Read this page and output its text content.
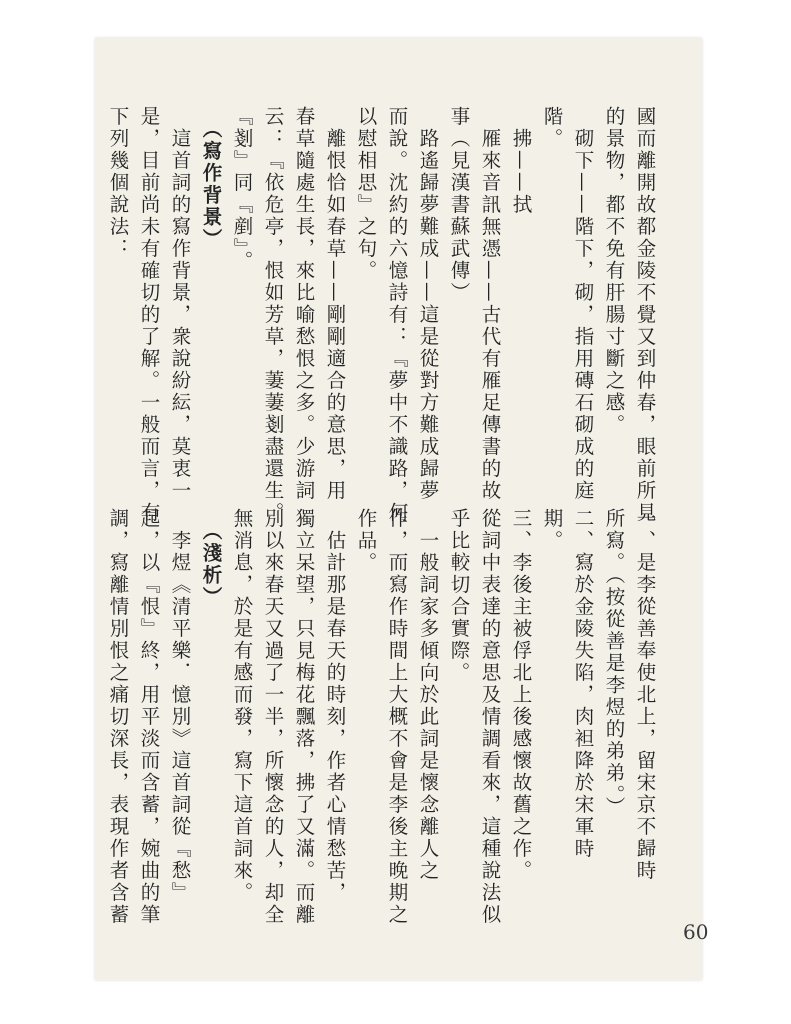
國而離開故都金陵不覺又到仲春，眼前所見
的景物，都不免有肝腸寸斷之感。
　砌下——階下，砌，指用磚石砌成的庭
階。
　拂——拭
　雁來音訊無憑——古代有雁足傳書的故
事（見漢書蘇武傳）
　路遙歸夢難成——這是從對方難成歸夢
而說。沈約的六憶詩有：『夢中不識路，何
以慰相思』之句。
　離恨恰如春草——剛剛適合的意思，用
春草隨處生長，來比喻愁恨之多。少游詞
云：『依危亭，恨如芳草，萋萋剗盡還生。
『剗』同『剷』。
　（寫作背景）
　這首詞的寫作背景，衆說紛紜，莫衷一
是，目前尚未有確切的了解。一般而言，有
下列幾個說法：
一、是李從善奉使北上，留宋京不歸時
所寫。（按從善是李煜的弟弟。）
二、寫於金陵失陷，肉袒降於宋軍時
期。
三、李後主被俘北上後感懷故舊之作。
從詞中表達的意思及情調看來，這種說法似
乎比較切合實際。
　一般詞家多傾向於此詞是懷念離人之
作，而寫作時間上大概不會是李後主晚期之
作品。
　估計那是春天的時刻，作者心情愁苦，
獨立呆望，只見梅花飄落，拂了又滿。而離
別以來春天又過了一半，所懷念的人，却全
無消息，於是有感而發，寫下這首詞來。
　（淺析）
　李煜《清平樂．憶別》這首詞從『愁』
起，以『恨』終，用平淡而含蓄，婉曲的筆
調，寫離情別恨之痛切深長，表現作者含蓄
60
